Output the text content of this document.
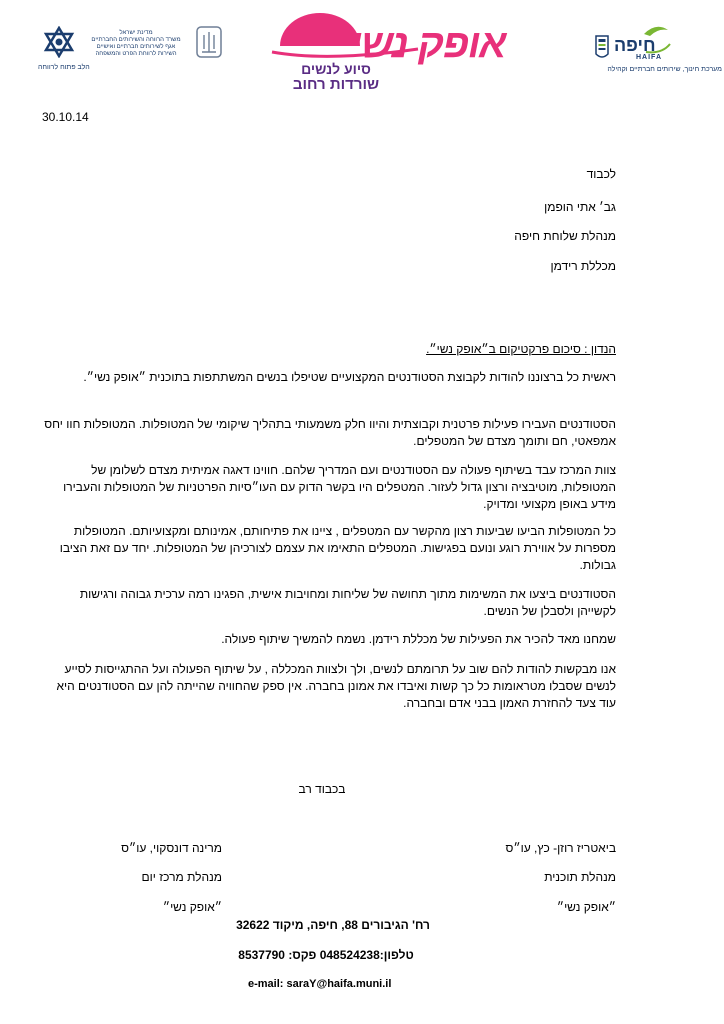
חיפה
HAIFA
מערכת חינוך, שירותים חברתיים וקהילה
אופק נשי
סיוע לנשים
שורדות רחוב
מדינת ישראל
משרד הרווחה והשירותים החברתיים
אגף לשירותים חברתיים ואישיים
השירות לרווחת הפרט והמשפחה
הלב פתוח לרווחה
30.10.14
לכבוד
גב׳ אתי הופמן
מנהלת שלוחת חיפה
מכללת רידמן
הנדון : סיכום פרקטיקום ב״אופק נשי״.

ראשית כל ברצוננו להודות לקבוצת הסטודנטים המקצועיים שטיפלו בנשים המשתתפות בתוכנית ״אופק נשי״.

הסטודנטים העבירו פעילות פרטנית וקבוצתית והיוו חלק משמעותי בתהליך שיקומי של המטופלות. המטופלות חוו יחס אמפאטי, חם ותומך מצדם של המטפלים.

צוות המרכז עבד בשיתוף פעולה עם הסטודנטים ועם המדריך שלהם. חווינו דאגה אמיתית מצדם לשלומן של המטופלות, מוטיבציה ורצון גדול לעזור. המטפלים היו בקשר הדוק עם העו״סיות הפרטניות של המטופלות והעבירו מידע באופן מקצועי ומדויק.

כל המטופלות הביעו שביעות רצון מהקשר עם המטפלים , ציינו את פתיחותם, אמינותם ומקצועיותם. המטופלות מספרות על אווירת רוגע ונועם בפגישות. המטפלים התאימו את עצמם לצורכיהן של המטופלות. יחד עם זאת הציבו גבולות.

הסטודנטים ביצעו את המשימות מתוך תחושה של שליחות ומחויבות אישית, הפגינו רמה ערכית גבוהה ורגישות לקשייהן ולסבלן של הנשים.

שמחנו מאד להכיר את הפעילות של מכללת רידמן. נשמח להמשיך שיתוף פעולה.

אנו מבקשות להודות להם שוב על תרומתם לנשים, ולך ולצוות המכללה , על שיתוף הפעולה ועל ההתגייסות לסייע לנשים שסבלו מטראומות כל כך קשות ואיבדו את אמונן בחברה. אין ספק שהחוויה שהייתה להן עם הסטודנטים היא עוד צעד להחזרת האמון בבני אדם ובחברה.

בכבוד רב
ביאטריז רוזן- כץ, עו״ס
מנהלת תוכנית
״אופק נשי״
מרינה דונסקוי, עו״ס
מנהלת מרכז יום
״אופק נשי״
רח' הגיבורים 88, חיפה, מיקוד 32622
טלפון:048524238 פקס: 8537790
e-mail: saraY@haifa.muni.il
